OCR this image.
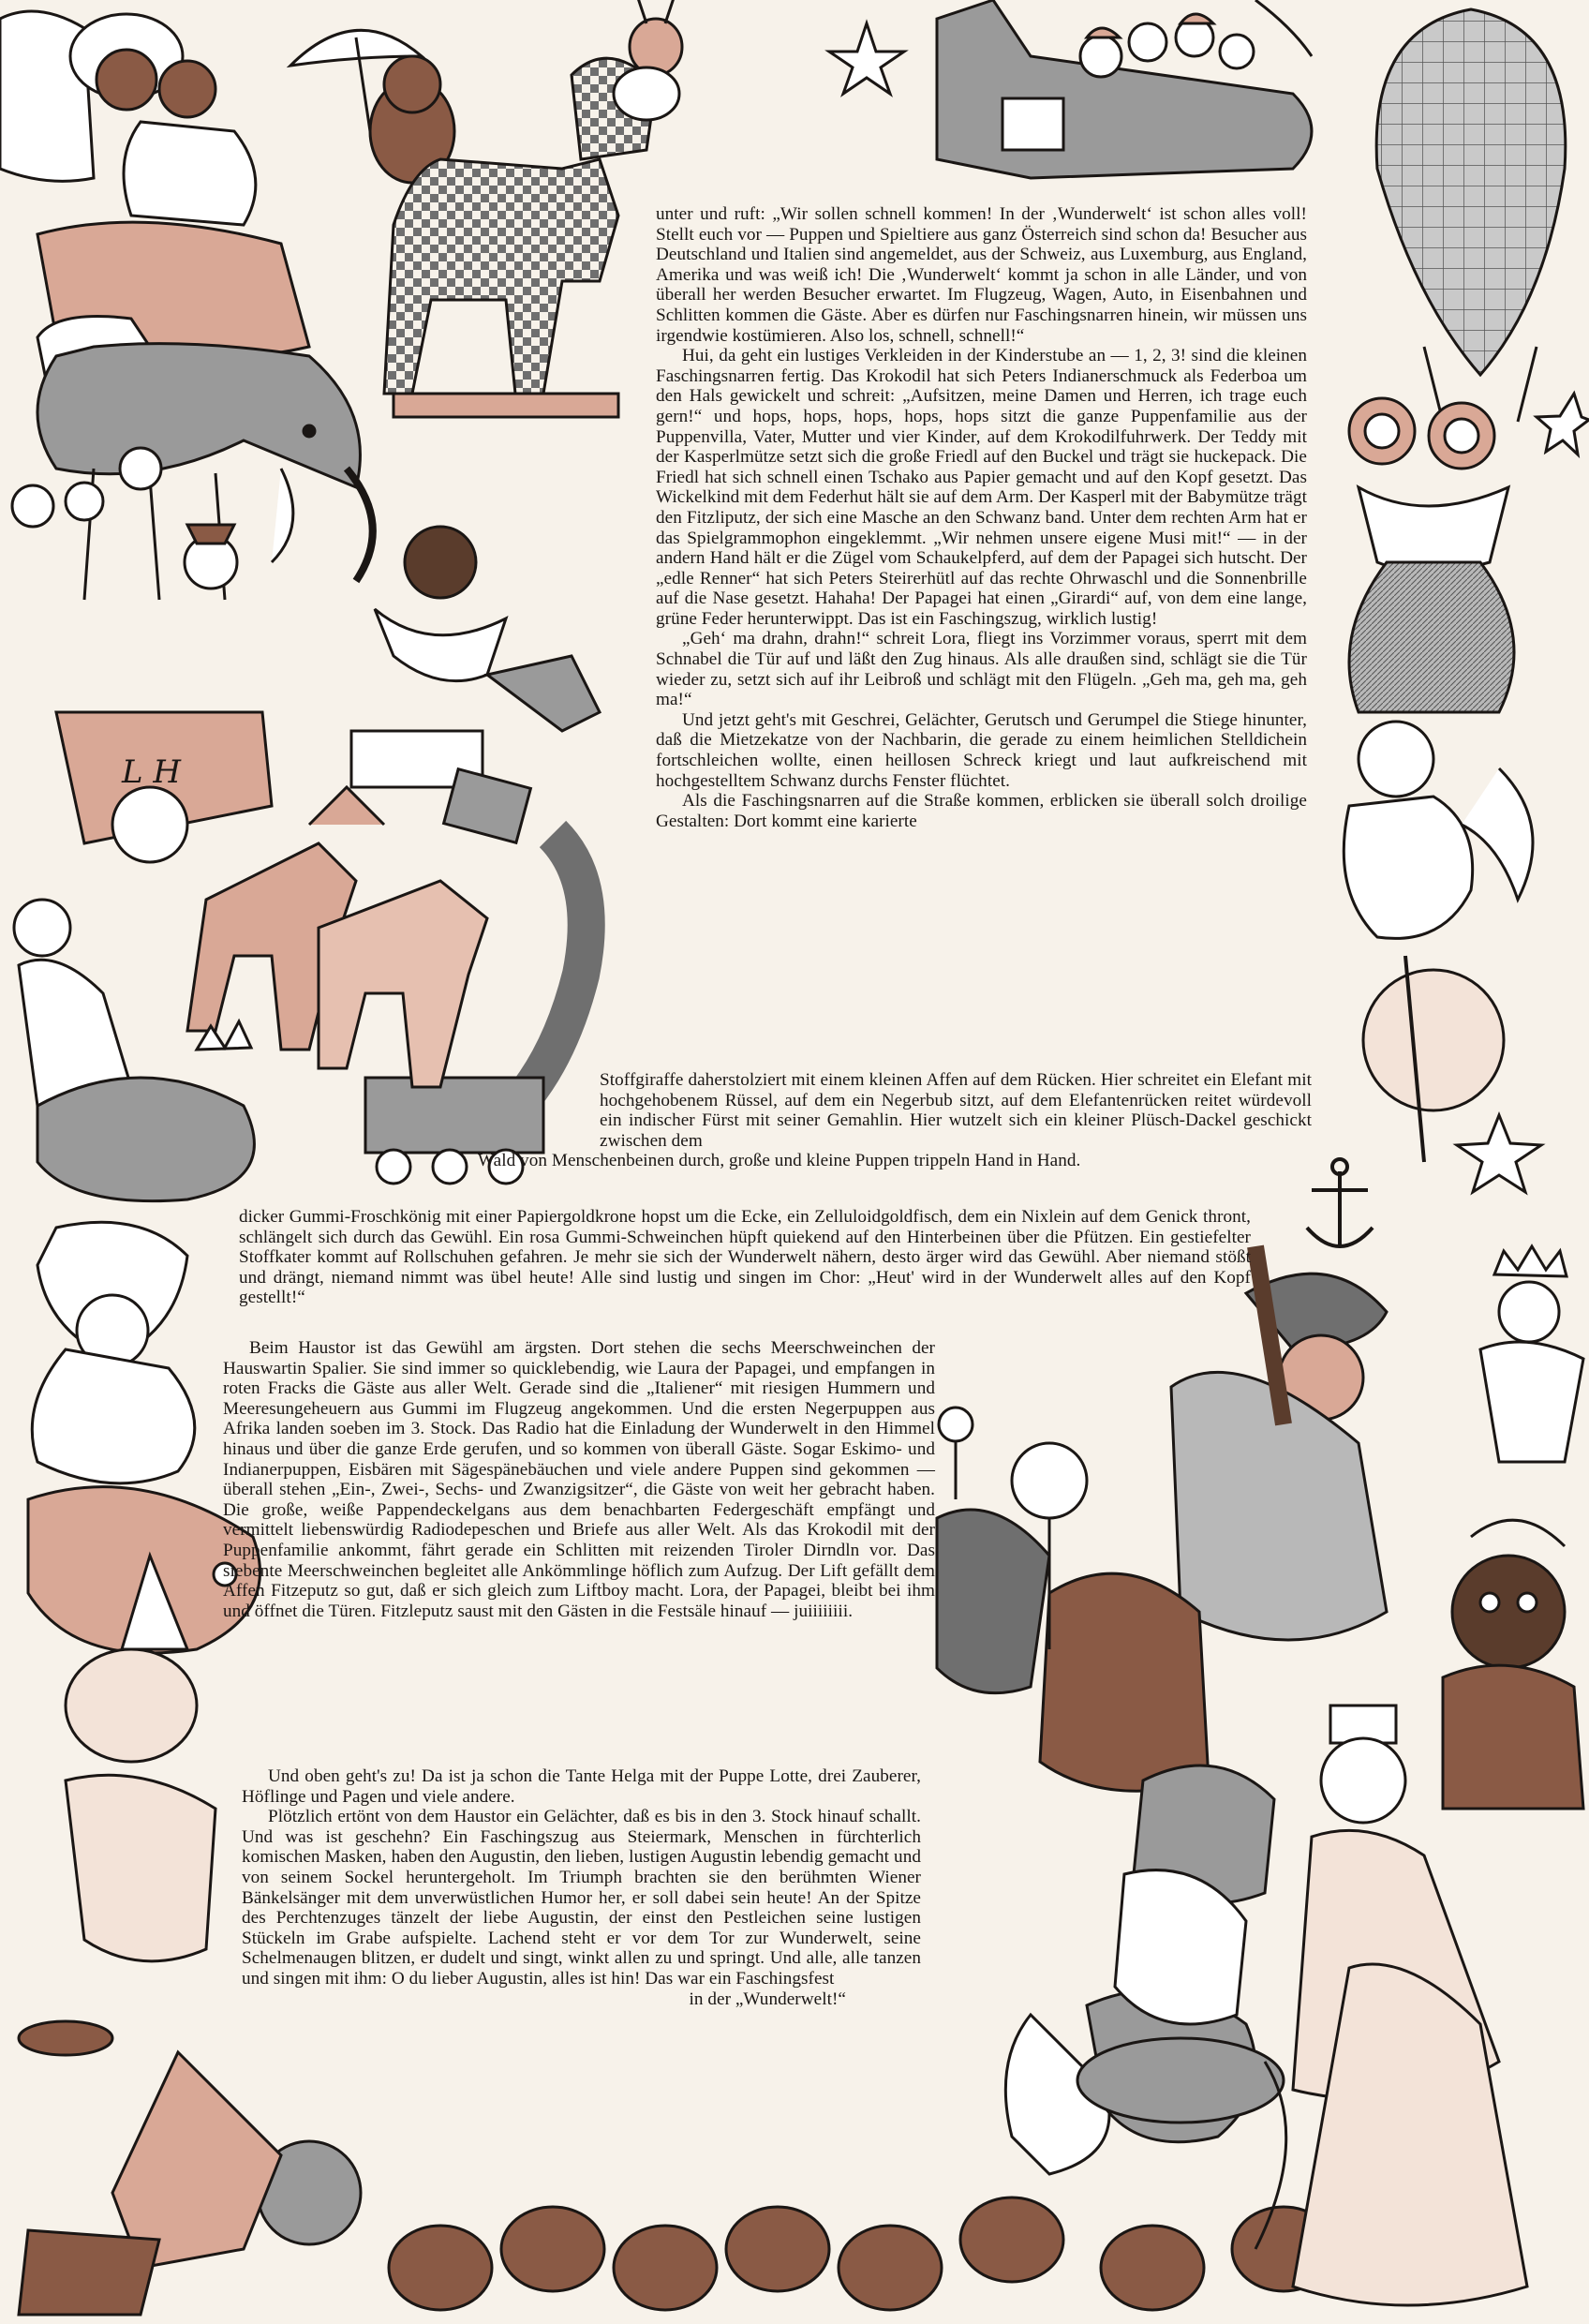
L H

unter und ruft: „Wir sollen schnell kommen! In der ‚Wunderwelt‘ ist schon alles voll! Stellt euch vor — Puppen und Spieltiere aus ganz Österreich sind schon da! Besucher aus Deutschland und Italien sind angemeldet, aus der Schweiz, aus Luxemburg, aus England, Amerika und was weiß ich! Die ‚Wunderwelt‘ kommt ja schon in alle Länder, und von überall her werden Besucher erwartet. Im Flugzeug, Wagen, Auto, in Eisenbahnen und Schlitten kommen die Gäste. Aber es dürfen nur Faschingsnarren hinein, wir müssen uns irgendwie kostümieren. Also los, schnell, schnell!“

Hui, da geht ein lustiges Verkleiden in der Kinderstube an — 1, 2, 3! sind die kleinen Faschingsnarren fertig. Das Krokodil hat sich Peters Indianerschmuck als Federboa um den Hals gewickelt und schreit: „Aufsitzen, meine Damen und Herren, ich trage euch gern!“ und hops, hops, hops, hops, hops sitzt die ganze Puppenfamilie aus der Puppenvilla, Vater, Mutter und vier Kinder, auf dem Krokodilfuhrwerk. Der Teddy mit der Kasperlmütze setzt sich die große Friedl auf den Buckel und trägt sie huckepack. Die Friedl hat sich schnell einen Tschako aus Papier gemacht und auf den Kopf gesetzt. Das Wickelkind mit dem Federhut hält sie auf dem Arm. Der Kasperl mit der Babymütze trägt den Fitzliputz, der sich eine Masche an den Schwanz band. Unter dem rechten Arm hat er das Spielgrammophon eingeklemmt. „Wir nehmen unsere eigene Musi mit!“ — in der andern Hand hält er die Zügel vom Schaukelpferd, auf dem der Papagei sich hutscht. Der „edle Renner“ hat sich Peters Steirerhütl auf das rechte Ohrwaschl und die Sonnenbrille auf die Nase gesetzt. Hahaha! Der Papagei hat einen „Girardi“ auf, von dem eine lange, grüne Feder herunterwippt. Das ist ein Faschingszug, wirklich lustig!

„Geh‘ ma drahn, drahn!“ schreit Lora, fliegt ins Vorzimmer voraus, sperrt mit dem Schnabel die Tür auf und läßt den Zug hinaus. Als alle draußen sind, schlägt sie die Tür wieder zu, setzt sich auf ihr Leibroß und schlägt mit den Flügeln. „Geh ma, geh ma, geh ma!“

Und jetzt geht's mit Geschrei, Gelächter, Gerutsch und Gerumpel die Stiege hinunter, daß die Mietzekatze von der Nachbarin, die gerade zu einem heimlichen Stelldichein fortschleichen wollte, einen heillosen Schreck kriegt und laut aufkreischend mit hochgestelltem Schwanz durchs Fenster flüchtet.

Als die Faschingsnarren auf die Straße kommen, erblicken sie überall solch droilige Gestalten: Dort kommt eine karierte

Stoffgiraffe daherstolziert mit einem kleinen Affen auf dem Rücken. Hier schreitet ein Elefant mit hochgehobenem Rüssel, auf dem ein Negerbub sitzt, auf dem Elefantenrücken reitet würdevoll ein indischer Fürst mit seiner Gemahlin. Hier wutzelt sich ein kleiner Plüsch-Dackel geschickt zwischen dem

Wald von Menschenbeinen durch, große und kleine Puppen trippeln Hand in Hand.

dicker Gummi-Froschkönig mit einer Papiergoldkrone hopst um die Ecke, ein Zelluloidgoldfisch, dem ein Nixlein auf dem Genick thront, schlängelt sich durch das Gewühl. Ein rosa Gummi-Schweinchen hüpft quiekend auf den Hinterbeinen über die Pfützen. Ein gestiefelter Stoffkater kommt auf Rollschuhen gefahren. Je mehr sie sich der Wunderwelt nähern, desto ärger wird das Gewühl. Aber niemand stößt und drängt, niemand nimmt was übel heute! Alle sind lustig und singen im Chor: „Heut' wird in der Wunderwelt alles auf den Kopf gestellt!“

Beim Haustor ist das Gewühl am ärgsten. Dort stehen die sechs Meerschweinchen der Hauswartin Spalier. Sie sind immer so quicklebendig, wie Laura der Papagei, und empfangen in roten Fracks die Gäste aus aller Welt. Gerade sind die „Italiener“ mit riesigen Hummern und Meeresungeheuern aus Gummi im Flugzeug angekommen. Und die ersten Negerpuppen aus Afrika landen soeben im 3. Stock. Das Radio hat die Einladung der Wunderwelt in den Himmel hinaus und über die ganze Erde gerufen, und so kommen von überall Gäste. Sogar Eskimo- und Indianerpuppen, Eisbären mit Sägespänebäuchen und viele andere Puppen sind gekommen — überall stehen „Ein-, Zwei-, Sechs- und Zwanzigsitzer“, die Gäste von weit her gebracht haben. Die große, weiße Pappendeckelgans aus dem benachbarten Federgeschäft empfängt und vermittelt liebenswürdig Radiodepeschen und Briefe aus aller Welt. Als das Krokodil mit der Puppenfamilie ankommt, fährt gerade ein Schlitten mit reizenden Tiroler Dirndln vor. Das siebente Meerschweinchen begleitet alle Ankömmlinge höflich zum Aufzug. Der Lift gefällt dem Affen Fitzeputz so gut, daß er sich gleich zum Liftboy macht. Lora, der Papagei, bleibt bei ihm und öffnet die Türen. Fitzleputz saust mit den Gästen in die Festsäle hinauf — juiiiiiiii.

Und oben geht's zu! Da ist ja schon die Tante Helga mit der Puppe Lotte, drei Zauberer, Höflinge und Pagen und viele andere.

Plötzlich ertönt von dem Haustor ein Gelächter, daß es bis in den 3. Stock hinauf schallt. Und was ist geschehn? Ein Faschingszug aus Steiermark, Menschen in fürchterlich komischen Masken, haben den Augustin, den lieben, lustigen Augustin lebendig gemacht und von seinem Sockel heruntergeholt. Im Triumph brachten sie den berühmten Wiener Bänkelsänger mit dem unverwüstlichen Humor her, er soll dabei sein heute! An der Spitze des Perchtenzuges tänzelt der liebe Augustin, der einst den Pestleichen seine lustigen Stückeln im Grabe aufspielte. Lachend steht er vor dem Tor zur Wunderwelt, seine Schelmenaugen blitzen, er dudelt und singt, winkt allen zu und springt. Und alle, alle tanzen und singen mit ihm: O du lieber Augustin, alles ist hin! Das war ein Faschingsfest

in der „Wunderwelt!“
